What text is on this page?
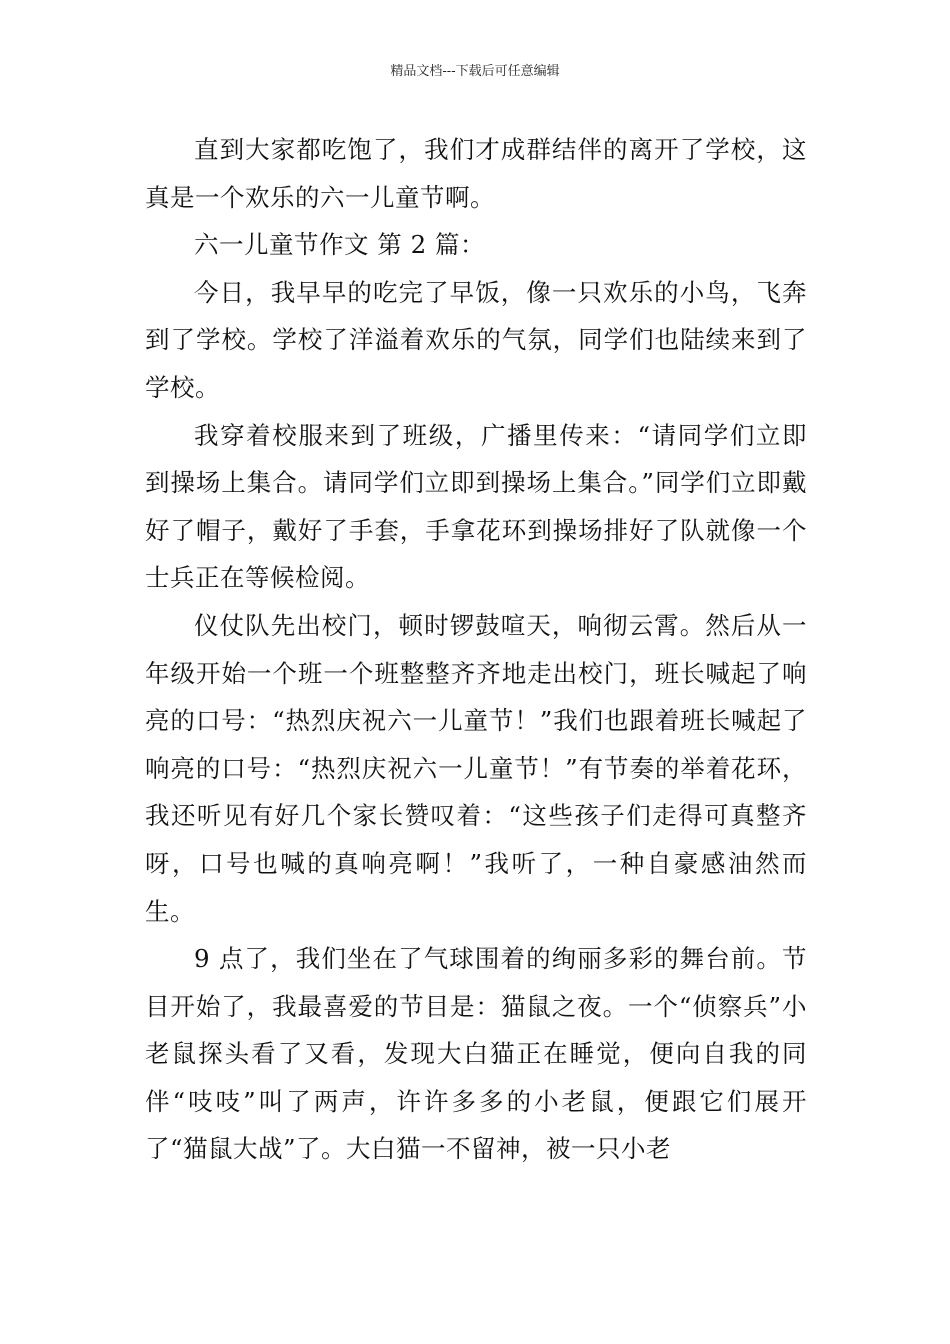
精品文档---下载后可任意编辑

直到大家都吃饱了，我们才成群结伴的离开了学校，这真是一个欢乐的六一儿童节啊。

六一儿童节作文 第 2 篇：

今日，我早早的吃完了早饭，像一只欢乐的小鸟，飞奔到了学校。学校了洋溢着欢乐的气氛，同学们也陆续来到了学校。

我穿着校服来到了班级，广播里传来：“请同学们立即到操场上集合。请同学们立即到操场上集合。”同学们立即戴好了帽子，戴好了手套，手拿花环到操场排好了队就像一个士兵正在等候检阅。

仪仗队先出校门，顿时锣鼓喧天，响彻云霄。然后从一年级开始一个班一个班整整齐齐地走出校门，班长喊起了响亮的口号：“热烈庆祝六一儿童节！”我们也跟着班长喊起了响亮的口号：“热烈庆祝六一儿童节！”有节奏的举着花环，我还听见有好几个家长赞叹着：“这些孩子们走得可真整齐呀，口号也喊的真响亮啊！”我听了，一种自豪感油然而生。

9 点了，我们坐在了气球围着的绚丽多彩的舞台前。节目开始了，我最喜爱的节目是：猫鼠之夜。一个“侦察兵”小老鼠探头看了又看，发现大白猫正在睡觉，便向自我的同伴“吱吱”叫了两声，许许多多的小老鼠，便跟它们展开了“猫鼠大战”了。大白猫一不留神，被一只小老
